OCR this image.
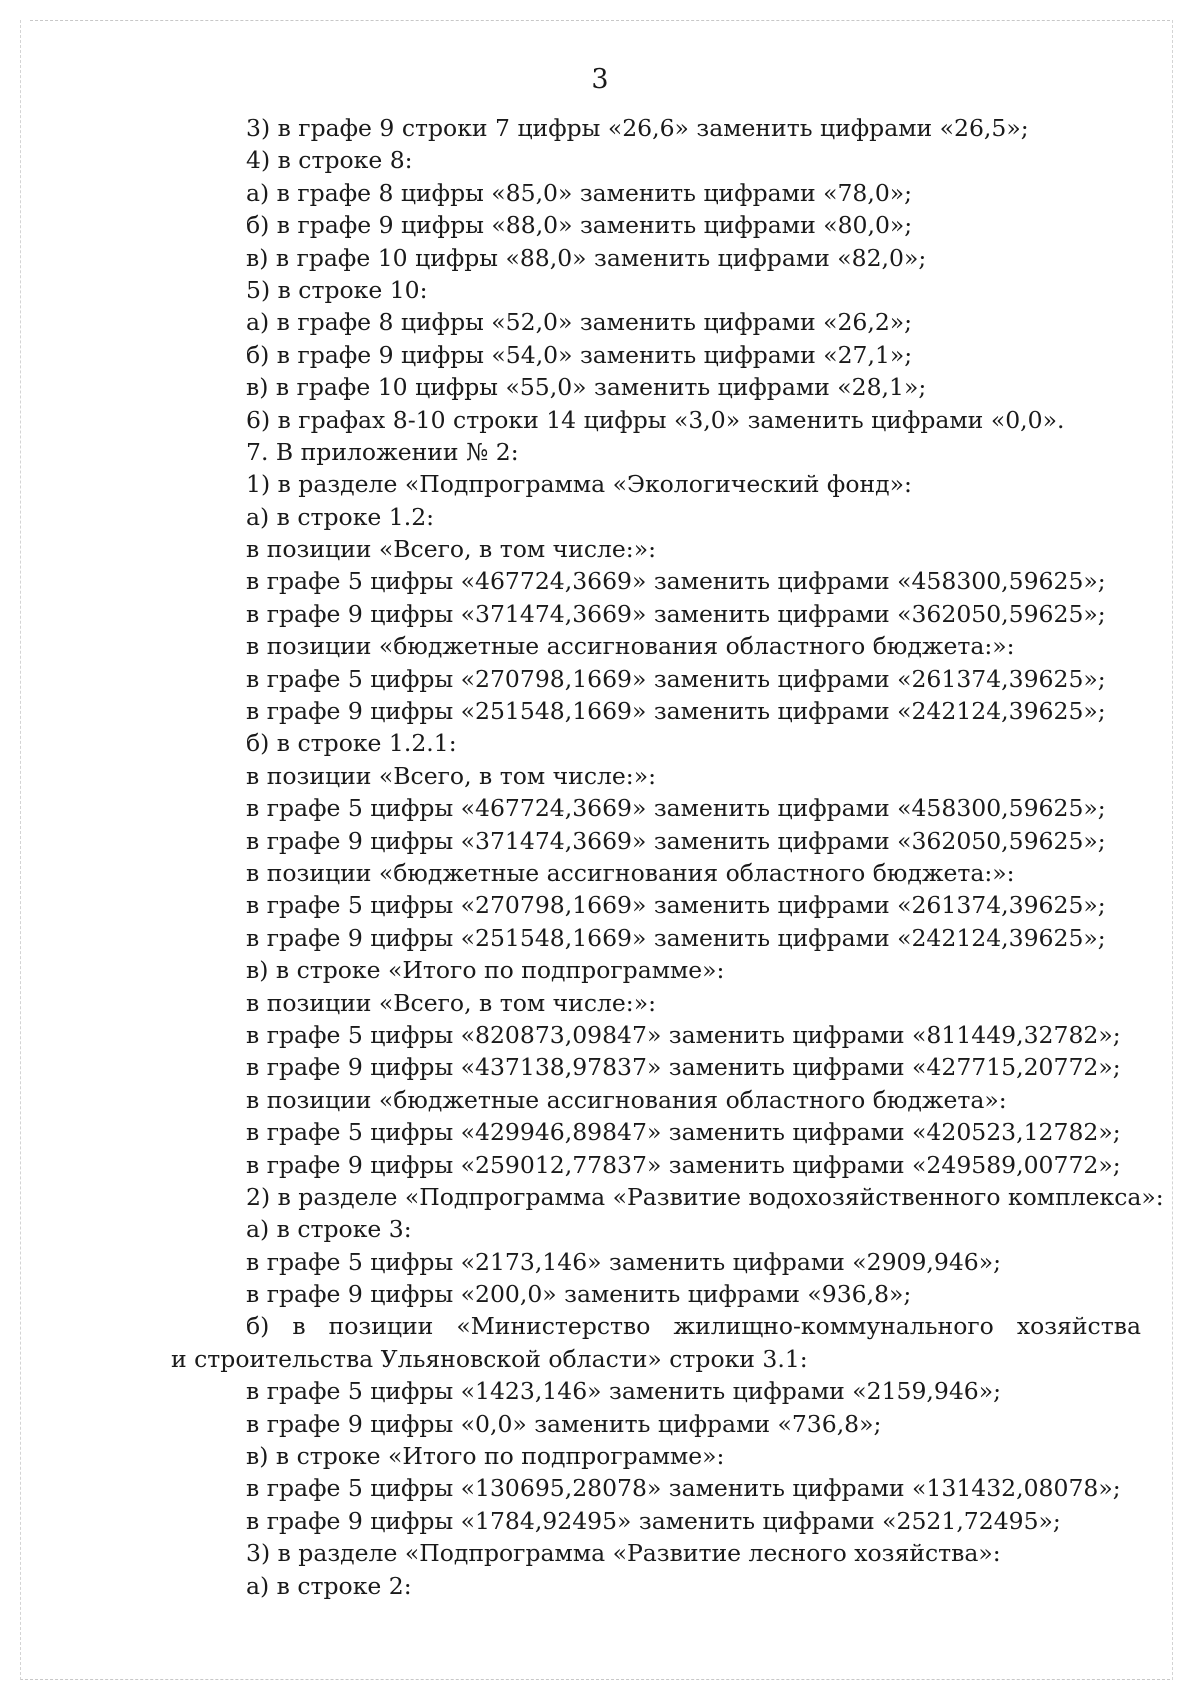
3
3) в графе 9 строки 7 цифры «26,6» заменить цифрами «26,5»;
4) в строке 8:
а) в графе 8 цифры «85,0» заменить цифрами «78,0»;
б) в графе 9 цифры «88,0» заменить цифрами «80,0»;
в) в графе 10 цифры «88,0» заменить цифрами «82,0»;
5) в строке 10:
а) в графе 8 цифры «52,0» заменить цифрами «26,2»;
б) в графе 9 цифры «54,0» заменить цифрами «27,1»;
в) в графе 10 цифры «55,0» заменить цифрами «28,1»;
6) в графах 8-10 строки 14 цифры «3,0» заменить цифрами «0,0».
7. В приложении № 2:
1) в разделе «Подпрограмма «Экологический фонд»:
а) в строке 1.2:
в позиции «Всего, в том числе:»:
в графе 5 цифры «467724,3669» заменить цифрами «458300,59625»;
в графе 9 цифры «371474,3669» заменить цифрами «362050,59625»;
в позиции «бюджетные ассигнования областного бюджета:»:
в графе 5 цифры «270798,1669» заменить цифрами «261374,39625»;
в графе 9 цифры «251548,1669» заменить цифрами «242124,39625»;
б) в строке 1.2.1:
в позиции «Всего, в том числе:»:
в графе 5 цифры «467724,3669» заменить цифрами «458300,59625»;
в графе 9 цифры «371474,3669» заменить цифрами «362050,59625»;
в позиции «бюджетные ассигнования областного бюджета:»:
в графе 5 цифры «270798,1669» заменить цифрами «261374,39625»;
в графе 9 цифры «251548,1669» заменить цифрами «242124,39625»;
в) в строке «Итого по подпрограмме»:
в позиции «Всего, в том числе:»:
в графе 5 цифры «820873,09847» заменить цифрами «811449,32782»;
в графе 9 цифры «437138,97837» заменить цифрами «427715,20772»;
в позиции «бюджетные ассигнования областного бюджета»:
в графе 5 цифры «429946,89847» заменить цифрами «420523,12782»;
в графе 9 цифры «259012,77837» заменить цифрами «249589,00772»;
2) в разделе «Подпрограмма «Развитие водохозяйственного комплекса»:
а) в строке 3:
в графе 5 цифры «2173,146» заменить цифрами «2909,946»;
в графе 9 цифры «200,0» заменить цифрами «936,8»;
б) в позиции «Министерство жилищно-коммунального хозяйства
и строительства Ульяновской области» строки 3.1:
в графе 5 цифры «1423,146» заменить цифрами «2159,946»;
в графе 9 цифры «0,0» заменить цифрами «736,8»;
в) в строке «Итого по подпрограмме»:
в графе 5 цифры «130695,28078» заменить цифрами «131432,08078»;
в графе 9 цифры «1784,92495» заменить цифрами «2521,72495»;
3) в разделе «Подпрограмма «Развитие лесного хозяйства»:
а) в строке 2:
